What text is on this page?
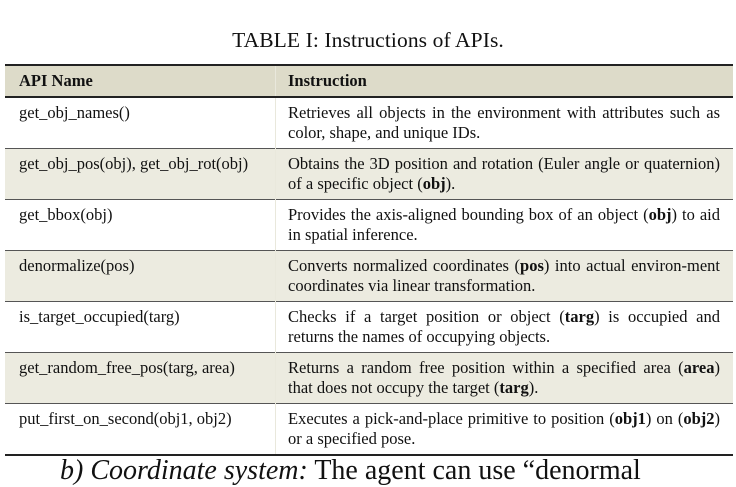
TABLE I: Instructions of APIs.
API Name	Instruction
get_obj_names()	Retrieves all objects in the environment with attributes such as color, shape, and unique IDs.
get_obj_pos(obj), get_obj_rot(obj)	Obtains the 3D position and rotation (Euler angle or quaternion) of a specific object (obj).
get_bbox(obj)	Provides the axis-aligned bounding box of an object (obj) to aid in spatial inference.
denormalize(pos)	Converts normalized coordinates (pos) into actual environ-ment coordinates via linear transformation.
is_target_occupied(targ)	Checks if a target position or object (targ) is occupied and returns the names of occupying objects.
get_random_free_pos(targ, area)	Returns a random free position within a specified area (area) that does not occupy the target (targ).
put_first_on_second(obj1, obj2)	Executes a pick-and-place primitive to position (obj1) on (obj2) or a specified pose.
b) Coordinate system: The agent can use “denormal
